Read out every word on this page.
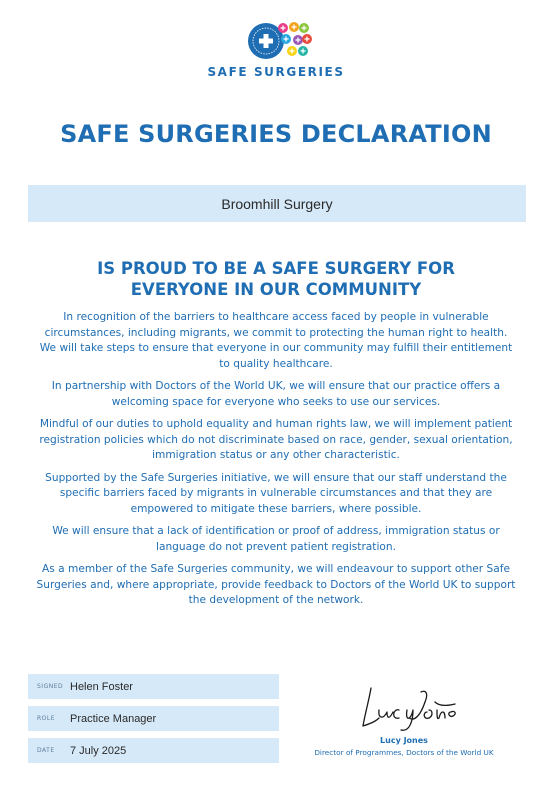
SAFE SURGERIES
SAFE SURGERIES DECLARATION
Broomhill Surgery
IS PROUD TO BE A SAFE SURGERY FOR
EVERYONE IN OUR COMMUNITY

In recognition of the barriers to healthcare access faced by people in vulnerable circumstances, including migrants, we commit to protecting the human right to health. We will take steps to ensure that everyone in our community may fulfill their entitlement to quality healthcare.

In partnership with Doctors of the World UK, we will ensure that our practice offers a welcoming space for everyone who seeks to use our services.

Mindful of our duties to uphold equality and human rights law, we will implement patient registration policies which do not discriminate based on race, gender, sexual orientation, immigration status or any other characteristic.

Supported by the Safe Surgeries initiative, we will ensure that our staff understand the specific barriers faced by migrants in vulnerable circumstances and that they are empowered to mitigate these barriers, where possible.

We will ensure that a lack of identification or proof of address, immigration status or language do not prevent patient registration.

As a member of the Safe Surgeries community, we will endeavour to support other Safe Surgeries and, where appropriate, provide feedback to Doctors of the World UK to support the development of the network.

SIGNED Helen Foster
ROLE	Practice Manager
DATE	7 July 2025
Lucy Jones
Director of Programmes, Doctors of the World UK
